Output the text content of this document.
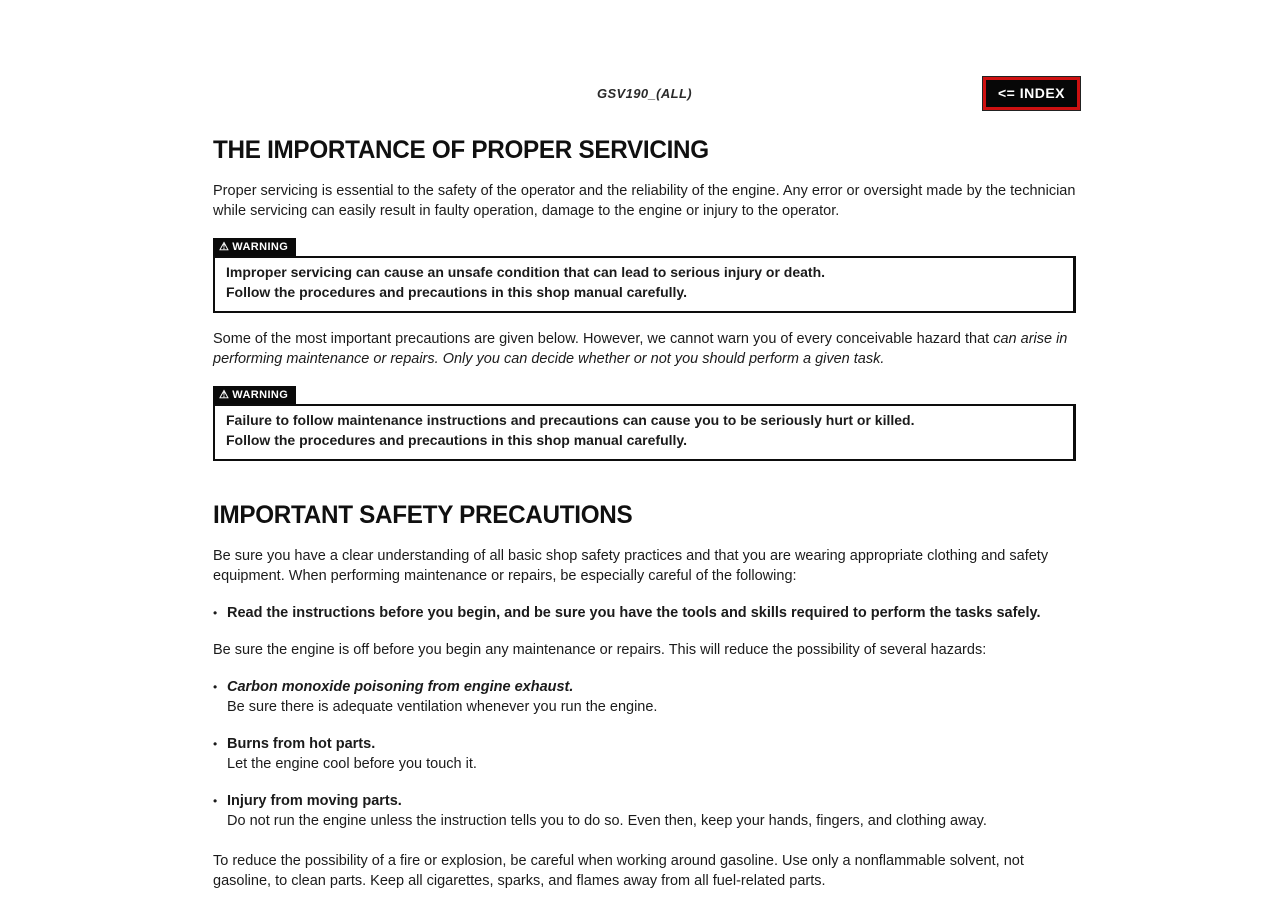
GSV190_(ALL)	<= INDEX
THE IMPORTANCE OF PROPER SERVICING
Proper servicing is essential to the safety of the operator and the reliability of the engine. Any error or oversight made by the technician while servicing can easily result in faulty operation, damage to the engine or injury to the operator.
⚠ WARNING
Improper servicing can cause an unsafe condition that can lead to serious injury or death.
Follow the procedures and precautions in this shop manual carefully.
Some of the most important precautions are given below. However, we cannot warn you of every conceivable hazard that can arise in performing maintenance or repairs. Only you can decide whether or not you should perform a given task.
⚠ WARNING
Failure to follow maintenance instructions and precautions can cause you to be seriously hurt or killed.
Follow the procedures and precautions in this shop manual carefully.
IMPORTANT SAFETY PRECAUTIONS
Be sure you have a clear understanding of all basic shop safety practices and that you are wearing appropriate clothing and safety equipment. When performing maintenance or repairs, be especially careful of the following:
• Read the instructions before you begin, and be sure you have the tools and skills required to perform the tasks safely.
Be sure the engine is off before you begin any maintenance or repairs. This will reduce the possibility of several hazards:
• Carbon monoxide poisoning from engine exhaust.
Be sure there is adequate ventilation whenever you run the engine.
• Burns from hot parts.
Let the engine cool before you touch it.
• Injury from moving parts.
Do not run the engine unless the instruction tells you to do so. Even then, keep your hands, fingers, and clothing away.
To reduce the possibility of a fire or explosion, be careful when working around gasoline. Use only a nonflammable solvent, not gasoline, to clean parts. Keep all cigarettes, sparks, and flames away from all fuel-related parts.
